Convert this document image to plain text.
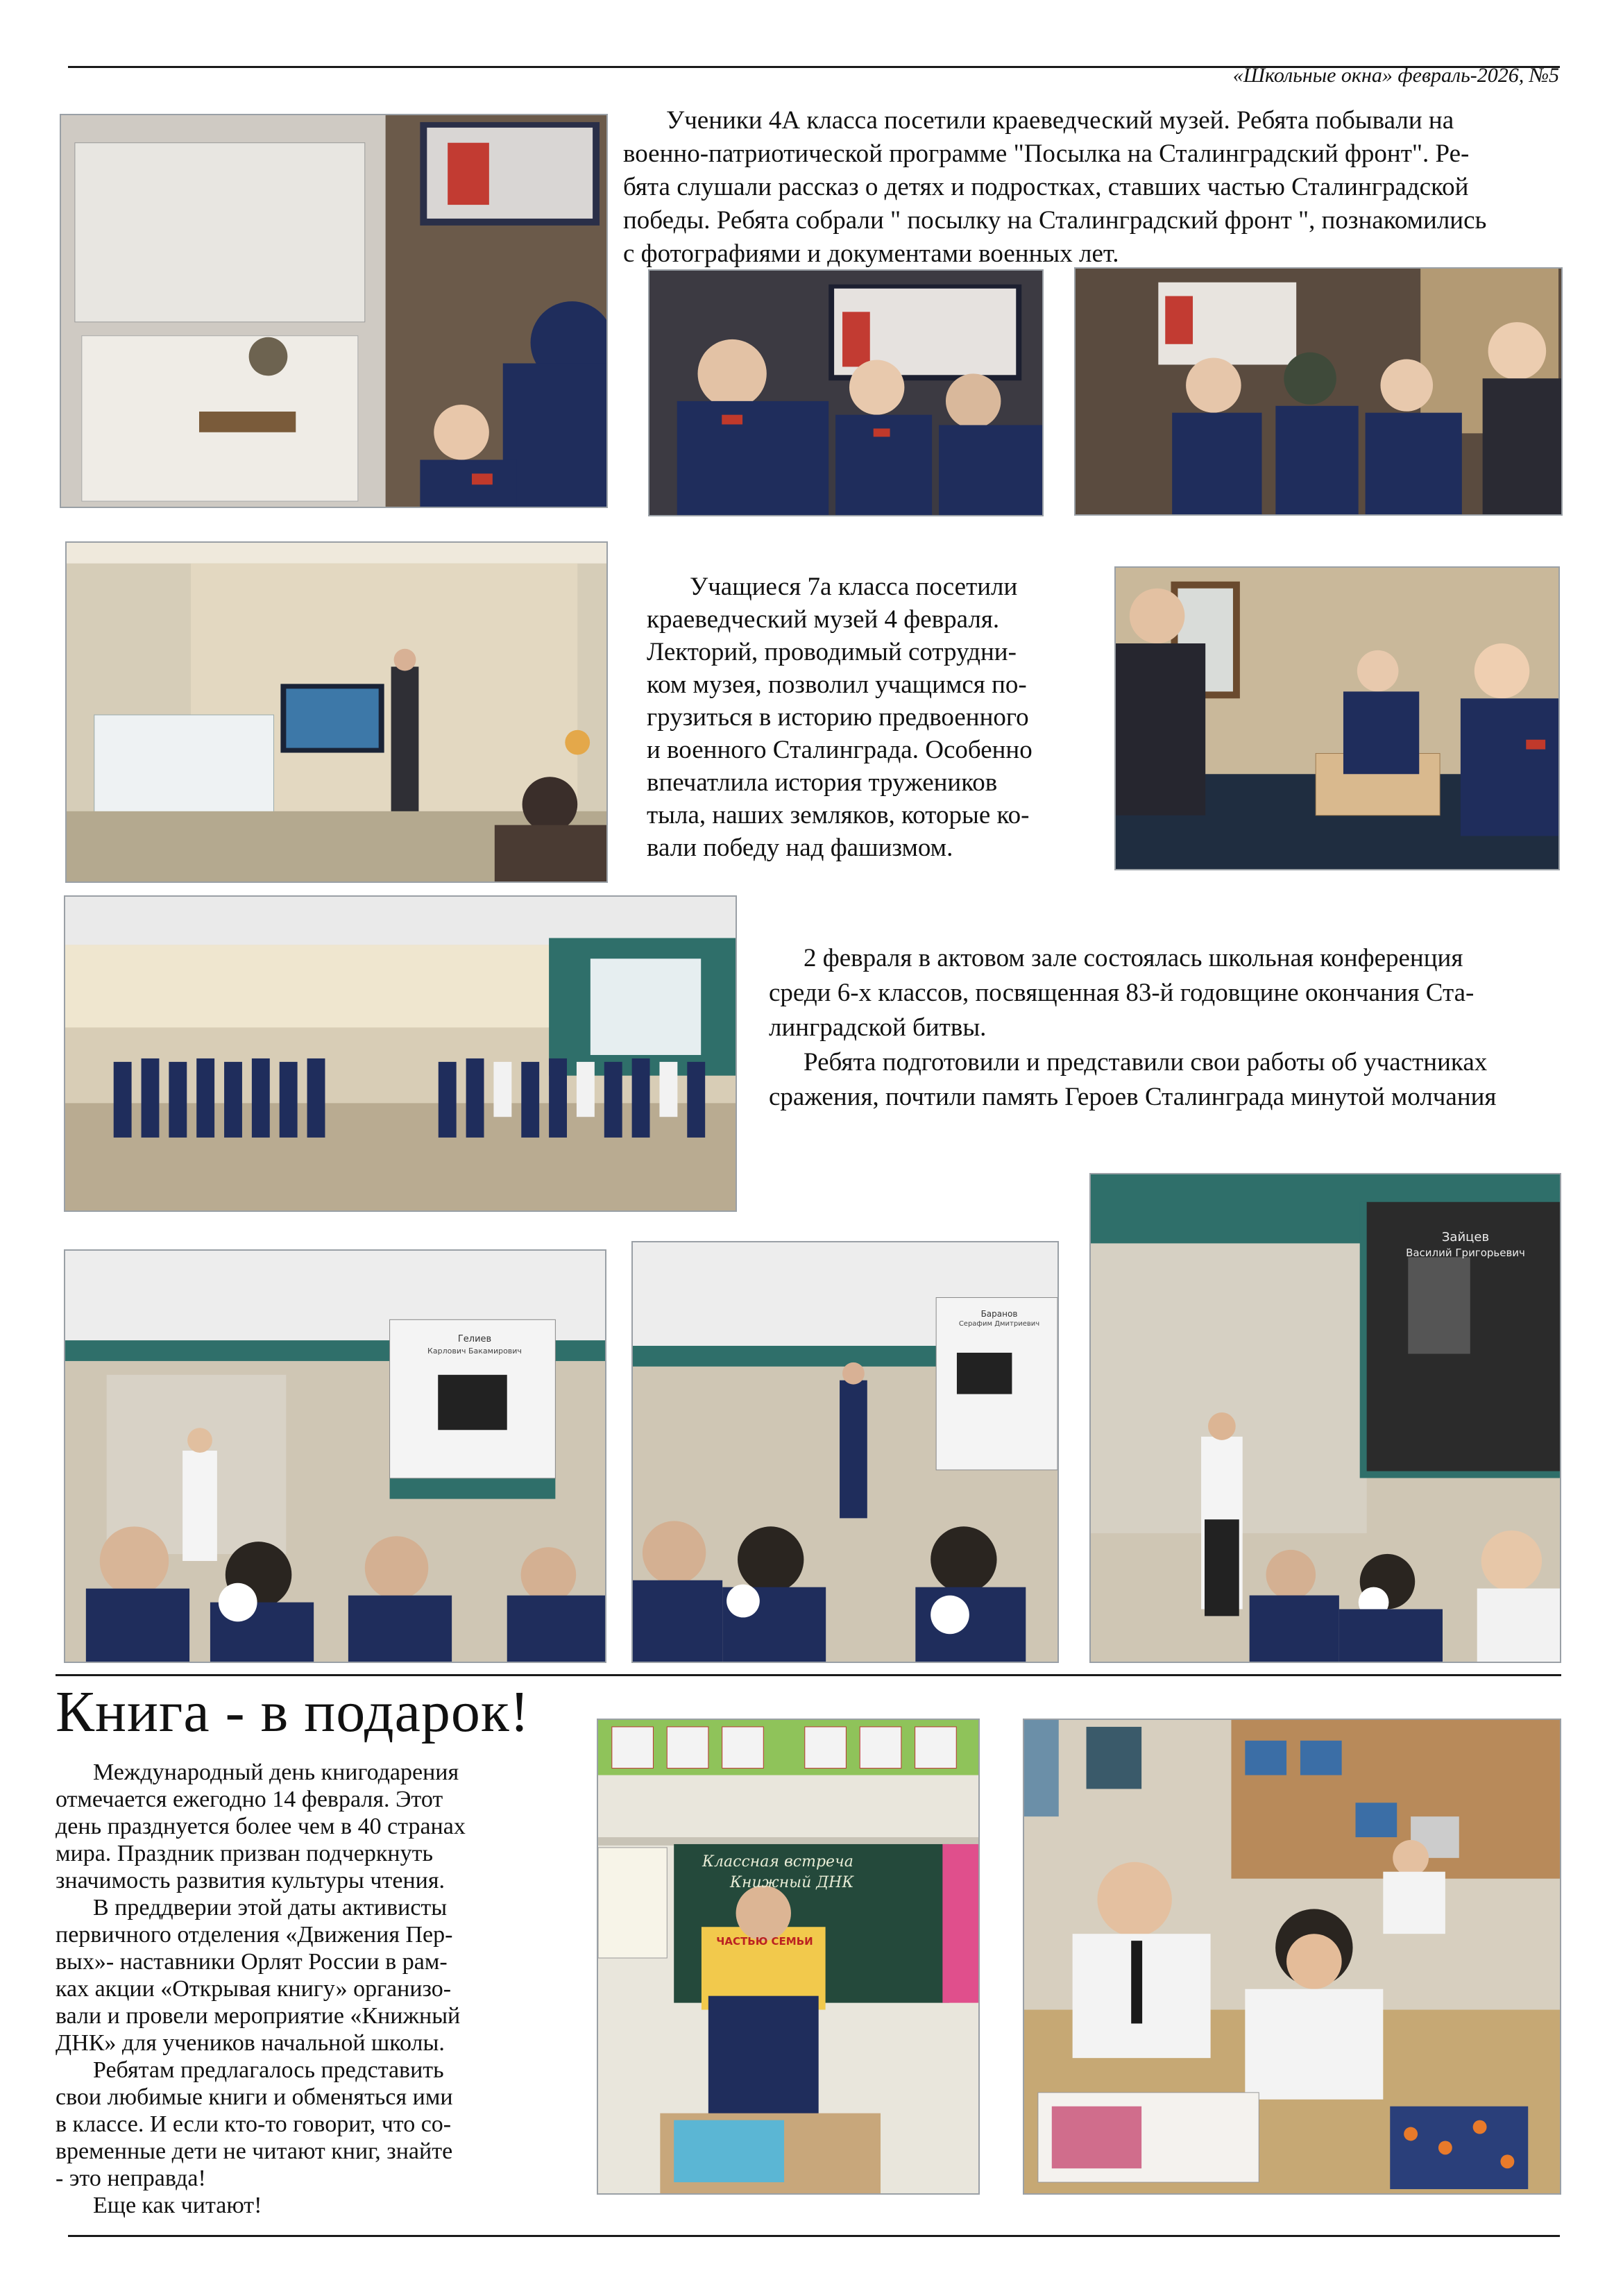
«Школьные окна» февраль-2026, №5
Ученики 4А класса посетили краеведческий музей. Ребята побывали на
военно-патриотической программе "Посылка на Сталинградский фронт". Ре-
бята слушали рассказ о детях и подростках, ставших частью Сталинградской
победы. Ребята собрали " посылку на Сталинградский фронт ", познакомились
с фотографиями и документами военных лет.
Учащиеся 7а класса посетили
краеведческий музей 4 февраля.
Лекторий, проводимый сотрудни-
ком музея, позволил учащимся по-
грузиться в историю предвоенного
и военного Сталинграда. Особенно
впечатлила история тружеников
тыла, наших земляков, которые ко-
вали победу над фашизмом.
2 февраля в актовом зале состоялась школьная конференция
среди 6-х классов, посвященная 83-й годовщине окончания Ста-
линградской битвы.
Ребята подготовили и представили свои работы об участниках
сражения, почтили память Героев Сталинграда минутой молчания
Гелиев
Карлович Бакамирович
Баранов
Серафим Дмитриевич
Зайцев
Василий Григорьевич
Книга - в подарок!
Международный день книгодарения
отмечается ежегодно 14 февраля. Этот
день празднуется более чем в 40 странах
мира. Праздник призван подчеркнуть
значимость развития культуры чтения.
В преддверии этой даты активисты
первичного отделения «Движения Пер-
вых»- наставники Орлят России в рам-
ках акции «Открывая книгу» организо-
вали и провели мероприятие «Книжный
ДНК» для учеников начальной школы.
Ребятам предлагалось представить
свои любимые книги и обменяться ими
в классе. И если кто-то говорит, что со-
временные дети не читают книг, знайте
- это неправда!
Еще как читают!
Классная встреча
Книжный ДНК
ЧАСТЬЮ СЕМЬИ
